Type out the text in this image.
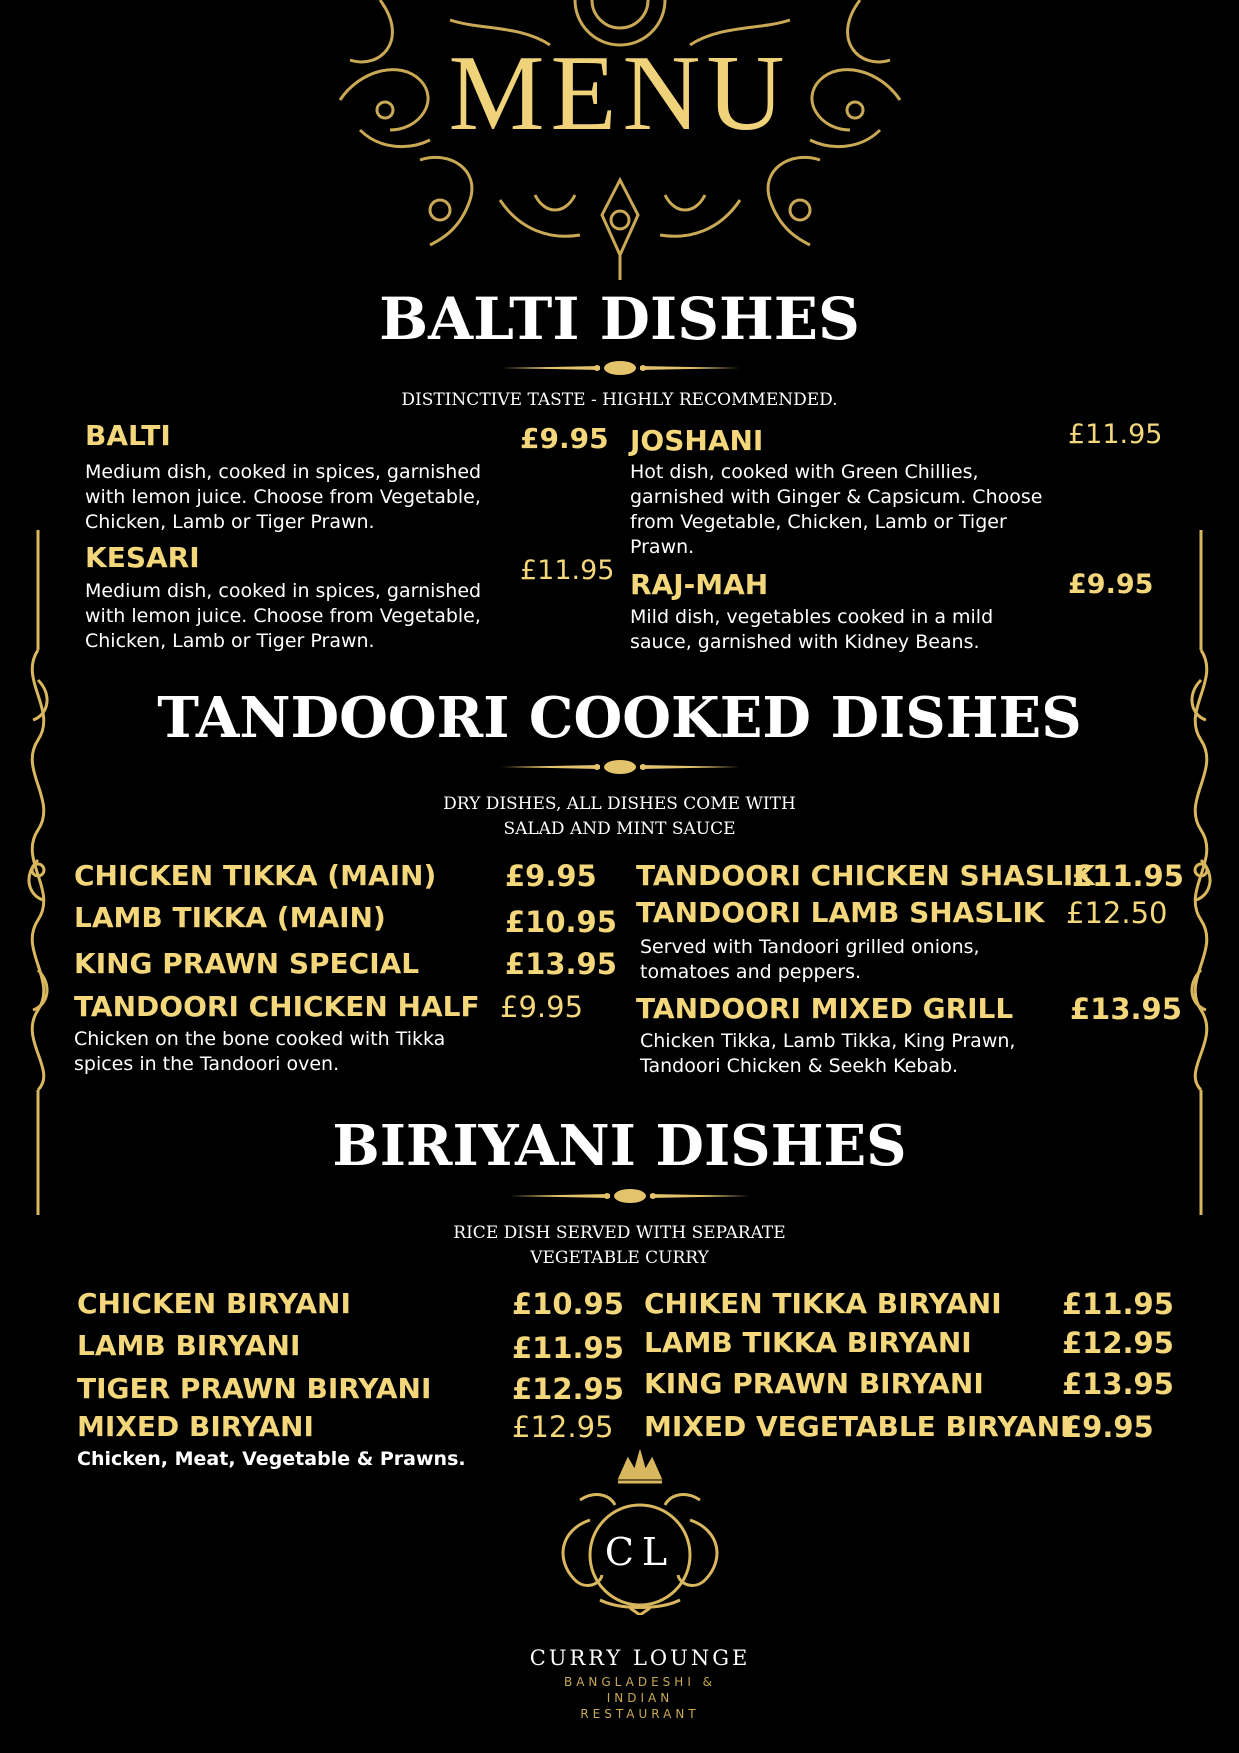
MENU
BALTI DISHES
DISTINCTIVE TASTE - HIGHLY RECOMMENDED.
BALTI	£9.95
Medium dish, cooked in spices, garnished with lemon juice. Choose from Vegetable, Chicken, Lamb or Tiger Prawn.
KESARI	£11.95
Medium dish, cooked in spices, garnished with lemon juice. Choose from Vegetable, Chicken, Lamb or Tiger Prawn.
JOSHANI	£11.95
Hot dish, cooked with Green Chillies, garnished with Ginger & Capsicum. Choose from Vegetable, Chicken, Lamb or Tiger Prawn.
RAJ-MAH	£9.95
Mild dish, vegetables cooked in a mild sauce, garnished with Kidney Beans.
TANDOORI COOKED DISHES
DRY DISHES, ALL DISHES COME WITH
SALAD AND MINT SAUCE
CHICKEN TIKKA (MAIN) £9.95
LAMB TIKKA (MAIN)	£10.95
KING PRAWN SPECIAL	£13.95
TANDOORI CHICKEN HALF £9.95
Chicken on the bone cooked with Tikka spices in the Tandoori oven.
TANDOORI CHICKEN SHASLIK
£11.95
TANDOORI LAMB SHASLIK £12.50
Served with Tandoori grilled onions, tomatoes and peppers.
TANDOORI MIXED GRILL £13.95
Chicken Tikka, Lamb Tikka, King Prawn, Tandoori Chicken & Seekh Kebab.
BIRIYANI DISHES
RICE DISH SERVED WITH SEPARATE
VEGETABLE CURRY
CHICKEN BIRYANI	£10.95
LAMB BIRYANI	£11.95
TIGER PRAWN BIRYANI	£12.95
MIXED BIRYANI	£12.95
Chicken, Meat, Vegetable & Prawns.
CHIKEN TIKKA BIRYANI £11.95
LAMB TIKKA BIRYANI	£12.95
KING PRAWN BIRYANI	£13.95
MIXED VEGETABLE BIRYANI
£9.95
CL
CURRY LOUNGE
BANGLADESHI &
INDIAN
RESTAURANT
